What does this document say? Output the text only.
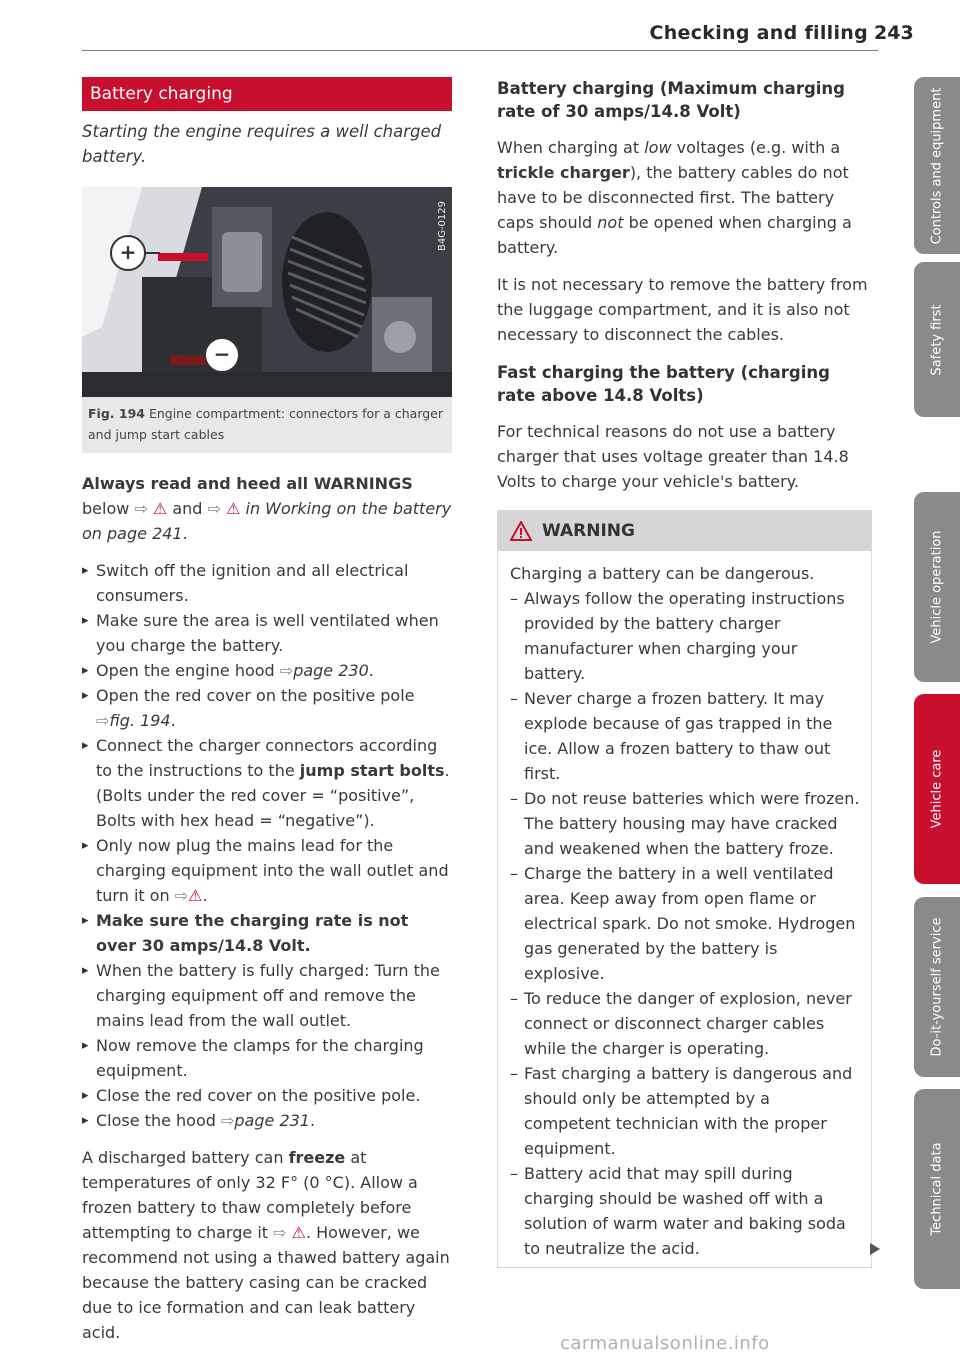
Checking and filling 243
Battery charging
Starting the engine requires a well charged battery.
+
−
B4G-0129
Fig. 194 Engine compartment: connectors for a charger and jump start cables

Always read and heed all WARNINGS below ⇨ ⚠ and ⇨ ⚠ in Working on the battery on page 241.

▸ Switch off the ignition and all electrical consumers.
▸ Make sure the area is well ventilated when you charge the battery.
▸ Open the engine hood ⇨page 230.
▸ Open the red cover on the positive pole ⇨fig. 194.
▸ Connect the charger connectors according to the instructions to the jump start bolts. (Bolts under the red cover = “positive”, Bolts with hex head = “negative”).
▸ Only now plug the mains lead for the charging equipment into the wall outlet and turn it on ⇨⚠.
▸ Make sure the charging rate is not over 30 amps/14.8 Volt.
▸ When the battery is fully charged: Turn the charging equipment off and remove the mains lead from the wall outlet.
▸ Now remove the clamps for the charging equipment.
▸ Close the red cover on the positive pole.
▸ Close the hood ⇨page 231.

A discharged battery can freeze at temperatures of only 32 F° (0 °C). Allow a frozen battery to thaw completely before attempting to charge it ⇨ ⚠. However, we recommend not using a thawed battery again because the battery casing can be cracked due to ice formation and can leak battery acid.

Battery charging (Maximum charging rate of 30 amps/14.8 Volt)

When charging at low voltages (e.g. with a trickle charger), the battery cables do not have to be disconnected first. The battery caps should not be opened when charging a battery.

It is not necessary to remove the battery from the luggage compartment, and it is also not necessary to disconnect the cables.

Fast charging the battery (charging rate above 14.8 Volts)

For technical reasons do not use a battery charger that uses voltage greater than 14.8 Volts to charge your vehicle's battery.

WARNING

Charging a battery can be dangerous.

– Always follow the operating instructions provided by the battery charger manufacturer when charging your battery.
– Never charge a frozen battery. It may explode because of gas trapped in the ice. Allow a frozen battery to thaw out first.
– Do not reuse batteries which were frozen. The battery housing may have cracked and weakened when the battery froze.
– Charge the battery in a well ventilated area. Keep away from open flame or electrical spark. Do not smoke. Hydrogen gas generated by the battery is explosive.
– To reduce the danger of explosion, never connect or disconnect charger cables while the charger is operating.
– Fast charging a battery is dangerous and should only be attempted by a competent technician with the proper equipment.
– Battery acid that may spill during charging should be washed off with a solution of warm water and baking soda to neutralize the acid.
Controls and equipment
Safety first
Vehicle operation
Vehicle care
Do-it-yourself service
Technical data
carmanualsonline.info
